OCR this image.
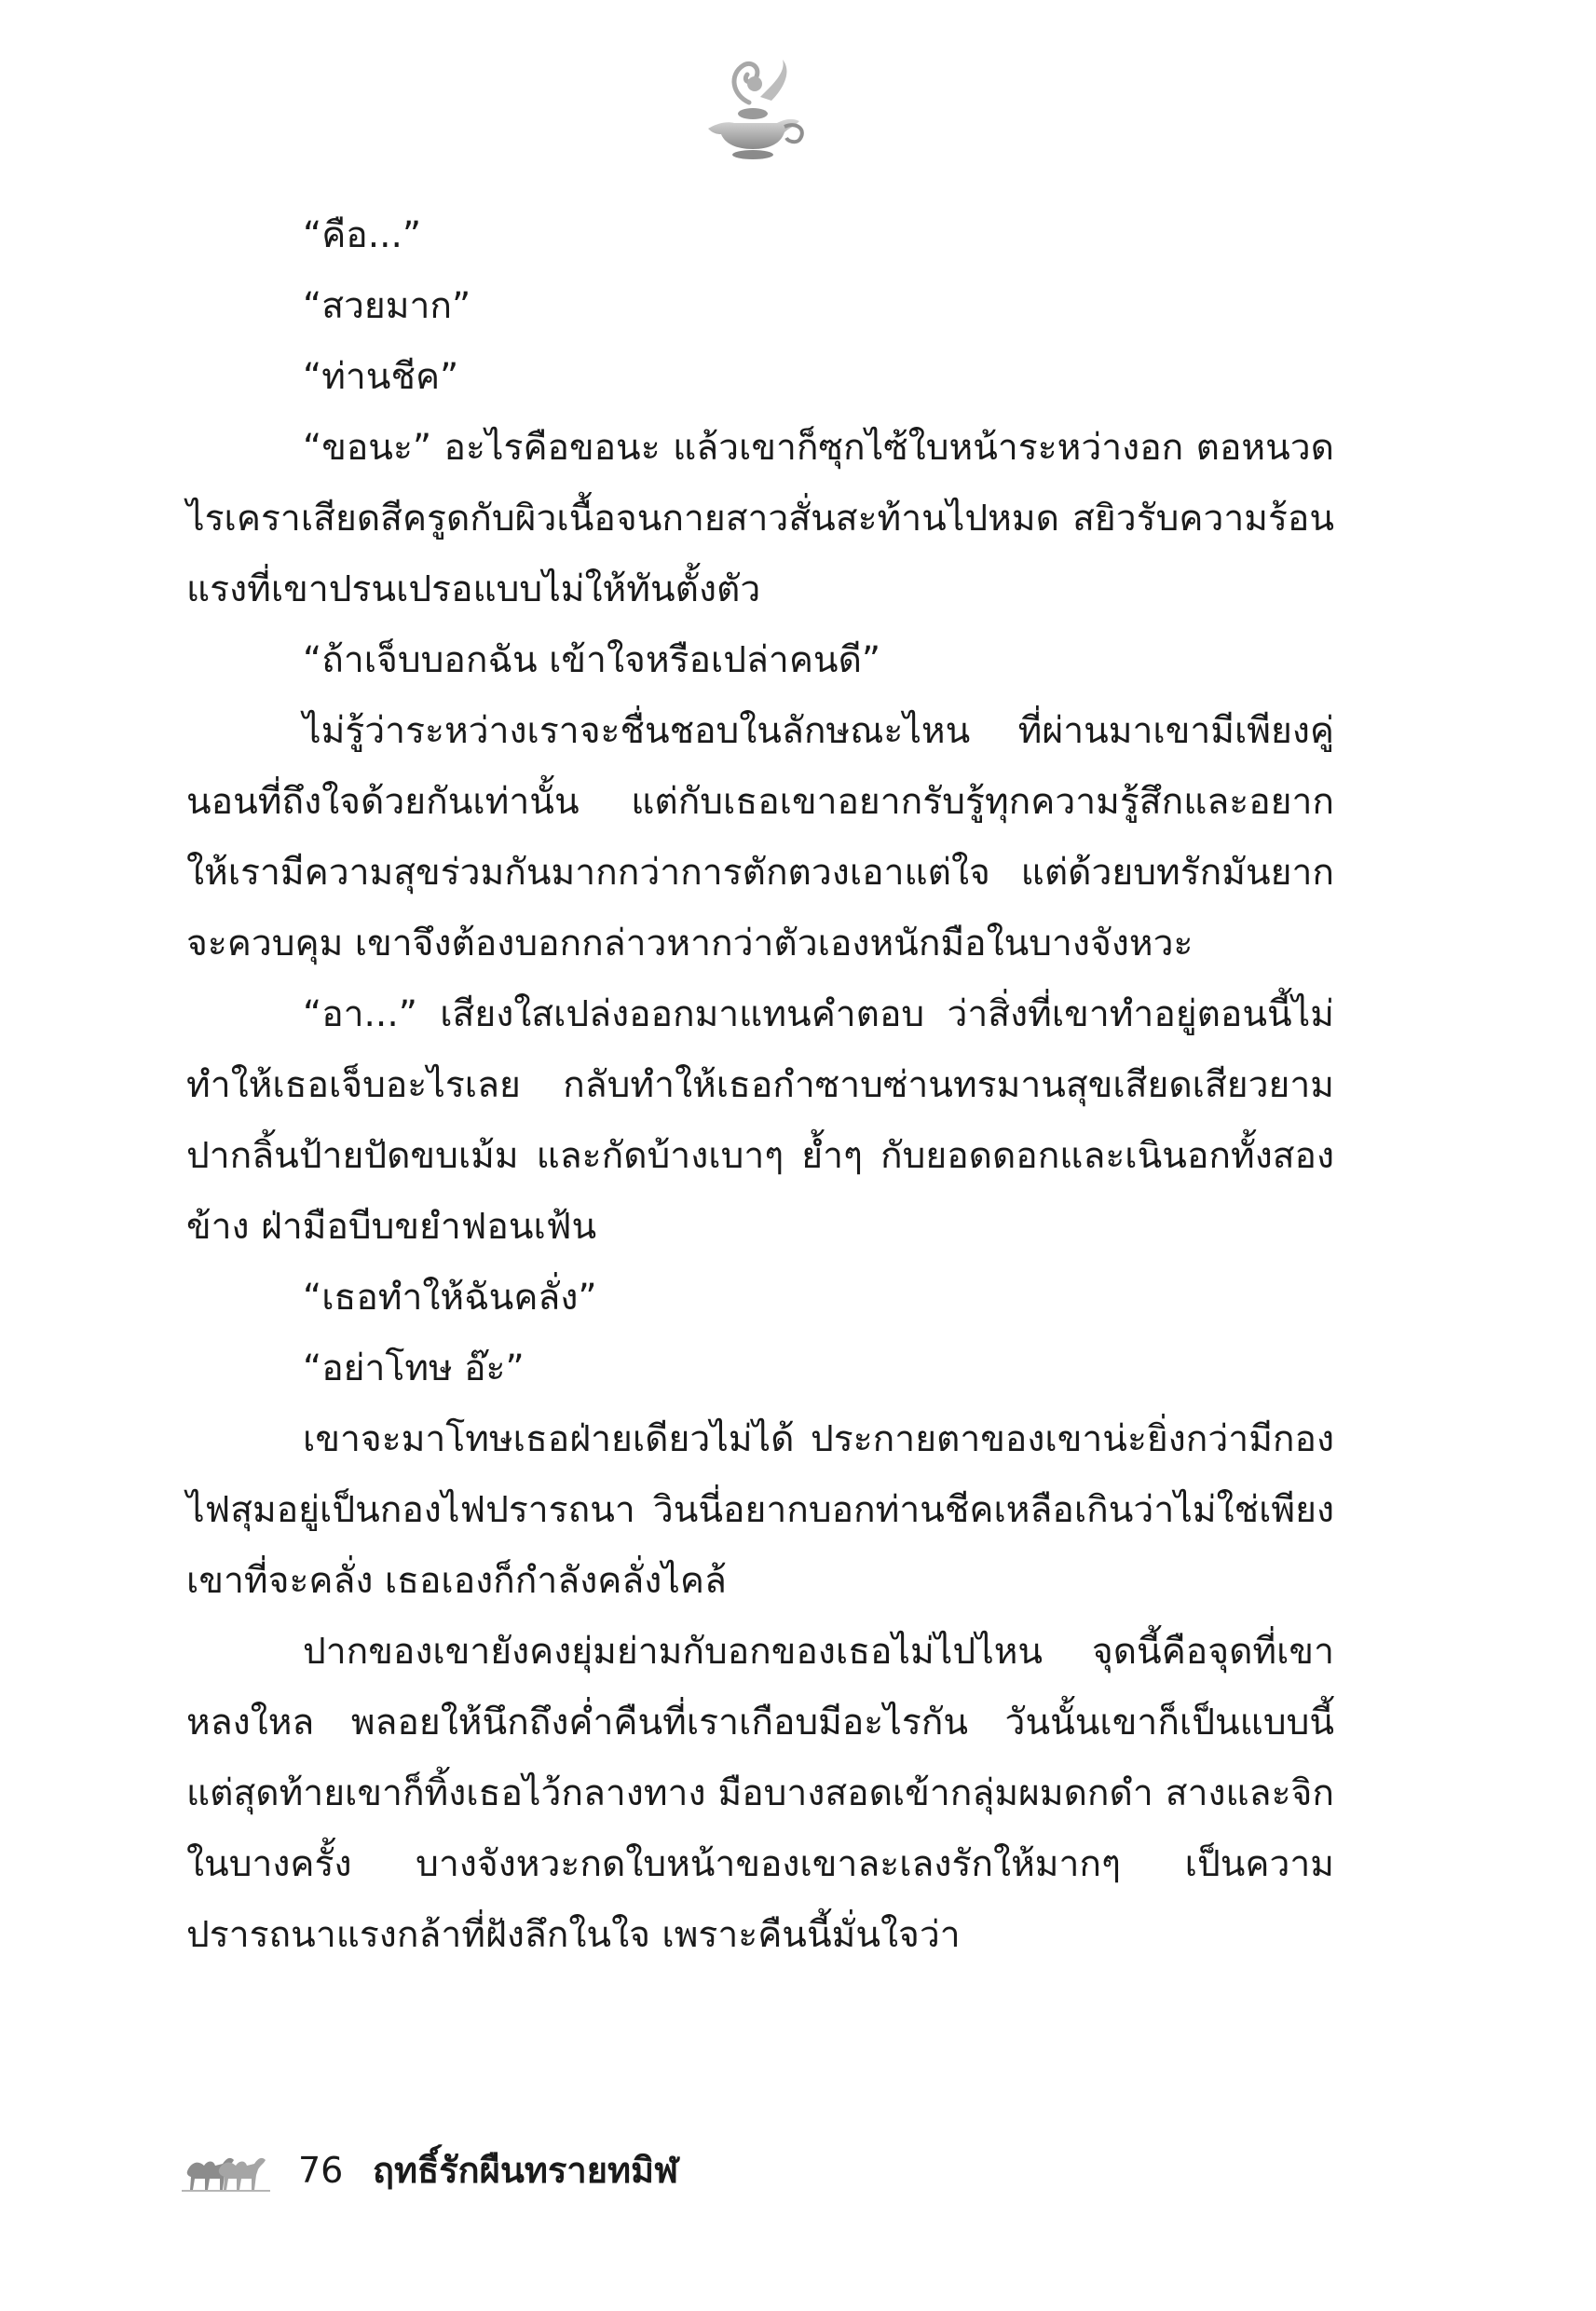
“คือ...”

“สวยมาก”

“ท่านชีค”

“ขอนะ” อะไรคือขอนะ แล้วเขาก็ซุกไซ้ใบหน้าระหว่างอก ตอหนวดไรเคราเสียดสีครูดกับผิวเนื้อจนกายสาวสั่นสะท้านไปหมด สยิวรับความร้อนแรงที่เขาปรนเปรอแบบไม่ให้ทันตั้งตัว

“ถ้าเจ็บบอกฉัน เข้าใจหรือเปล่าคนดี”

ไม่รู้ว่าระหว่างเราจะชื่นชอบในลักษณะไหน ที่ผ่านมาเขามีเพียงคู่นอนที่ถึงใจด้วยกันเท่านั้น แต่กับเธอเขาอยากรับรู้ทุกความรู้สึกและอยากให้เรามีความสุขร่วมกันมากกว่าการตักตวงเอาแต่ใจ แต่ด้วยบทรักมันยากจะควบคุม เขาจึงต้องบอกกล่าวหากว่าตัวเองหนักมือในบางจังหวะ

“อา...” เสียงใสเปล่งออกมาแทนคำตอบ ว่าสิ่งที่เขาทำอยู่ตอนนี้ไม่ทำให้เธอเจ็บอะไรเลย กลับทำให้เธอกำซาบซ่านทรมานสุขเสียดเสียวยามปากลิ้นป้ายปัดขบเม้ม และกัดบ้างเบาๆ ย้ำๆ กับยอดดอกและเนินอกทั้งสองข้าง ฝ่ามือบีบขยำฟอนเฟ้น

“เธอทำให้ฉันคลั่ง”

“อย่าโทษ อ๊ะ”

เขาจะมาโทษเธอฝ่ายเดียวไม่ได้ ประกายตาของเขาน่ะยิ่งกว่ามีกองไฟสุมอยู่เป็นกองไฟปรารถนา วินนี่อยากบอกท่านชีคเหลือเกินว่าไม่ใช่เพียงเขาที่จะคลั่ง เธอเองก็กำลังคลั่งไคล้

ปากของเขายังคงยุ่มย่ามกับอกของเธอไม่ไปไหน จุดนี้คือจุดที่เขาหลงใหล พลอยให้นึกถึงค่ำคืนที่เราเกือบมีอะไรกัน วันนั้นเขาก็เป็นแบบนี้ แต่สุดท้ายเขาก็ทิ้งเธอไว้กลางทาง มือบางสอดเข้ากลุ่มผมดกดำ สางและจิกในบางครั้ง บางจังหวะกดใบหน้าของเขาละเลงรักให้มากๆ เป็นความปรารถนาแรงกล้าที่ฝังลึกในใจ เพราะคืนนี้มั่นใจว่า

76 ฤทธิ์รักผืนทรายทมิฬ
